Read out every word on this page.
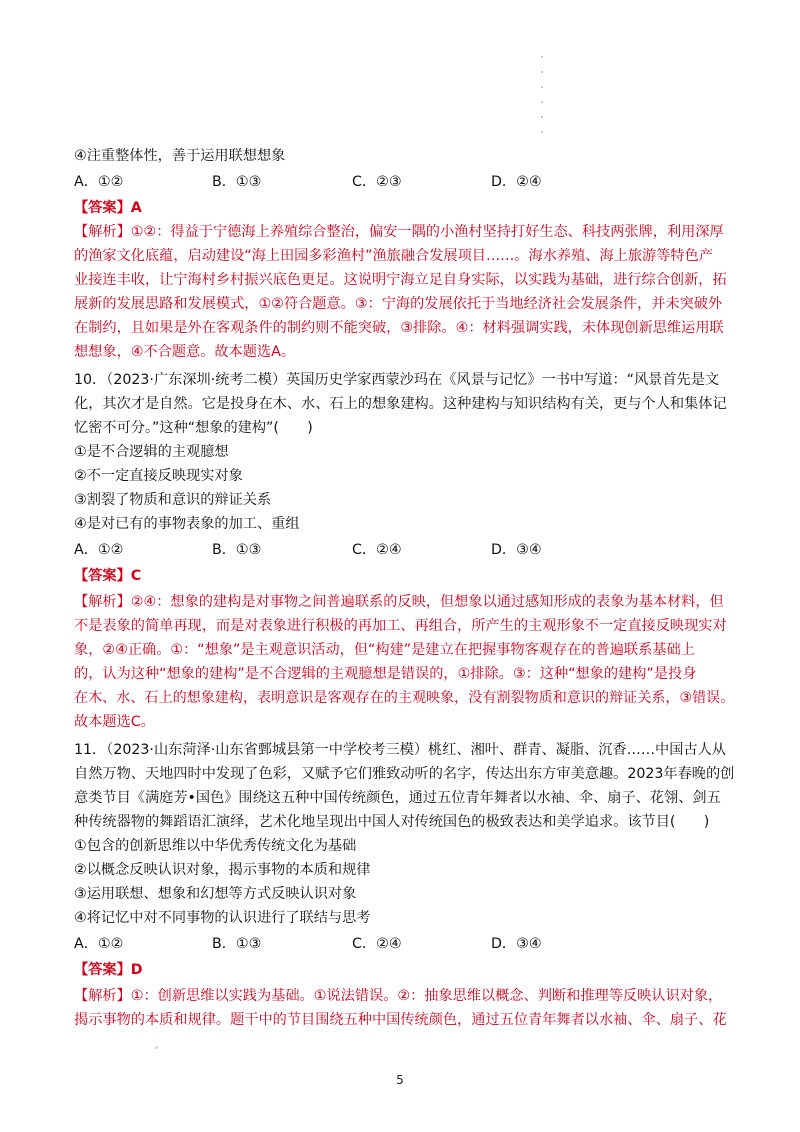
④注重整体性，善于运用联想想象
A．①②	B．①③	C．②③	D．②④
【答案】A
【解析】①②：得益于宁德海上养殖综合整治，偏安一隅的小渔村坚持打好生态、科技两张牌，利用深厚
的渔家文化底蕴，启动建设“海上田园多彩渔村”渔旅融合发展项目……。海水养殖、海上旅游等特色产
业接连丰收，让宁海村乡村振兴底色更足。这说明宁海立足自身实际，以实践为基础，进行综合创新，拓
展新的发展思路和发展模式，①②符合题意。③：宁海的发展依托于当地经济社会发展条件，并未突破外
在制约，且如果是外在客观条件的制约则不能突破，③排除。④：材料强调实践，未体现创新思维运用联
想想象，④不合题意。故本题选A。
10．（2023·广东深圳·统考二模）英国历史学家西蒙沙玛在《风景与记忆》一书中写道：“风景首先是文
化，其次才是自然。它是投身在木、水、石上的想象建构。这种建构与知识结构有关，更与个人和集体记
忆密不可分。”这种“想象的建构”(　　)
①是不合逻辑的主观臆想
②不一定直接反映现实对象
③割裂了物质和意识的辩证关系
④是对已有的事物表象的加工、重组
A．①②	B．①③	C．②④	D．③④
【答案】C
【解析】②④：想象的建构是对事物之间普遍联系的反映，但想象以通过感知形成的表象为基本材料，但
不是表象的简单再现，而是对表象进行积极的再加工、再组合，所产生的主观形象不一定直接反映现实对
象，②④正确。①：“想象”是主观意识活动，但“构建”是建立在把握事物客观存在的普遍联系基础上
的，认为这种“想象的建构”是不合逻辑的主观臆想是错误的，①排除。③：这种“想象的建构”是投身
在木、水、石上的想象建构，表明意识是客观存在的主观映象，没有割裂物质和意识的辩证关系，③错误。
故本题选C。
11．（2023·山东菏泽·山东省鄄城县第一中学校考三模）桃红、湘叶、群青、凝脂、沉香……中国古人从
自然万物、天地四时中发现了色彩，又赋予它们雅致动听的名字，传达出东方审美意趣。2023年春晚的创
意类节目《满庭芳•国色》围绕这五种中国传统颜色，通过五位青年舞者以水袖、伞、扇子、花翎、剑五
种传统器物的舞蹈语汇演绎，艺术化地呈现出中国人对传统国色的极致表达和美学追求。该节目(　　)
①包含的创新思维以中华优秀传统文化为基础
②以概念反映认识对象，揭示事物的本质和规律
③运用联想、想象和幻想等方式反映认识对象
④将记忆中对不同事物的认识进行了联结与思考
A．①②	B．①③	C．②④	D．③④
【答案】D
【解析】①：创新思维以实践为基础。①说法错误。②：抽象思维以概念、判断和推理等反映认识对象，
揭示事物的本质和规律。题干中的节目围绕五种中国传统颜色，通过五位青年舞者以水袖、伞、扇子、花
5
